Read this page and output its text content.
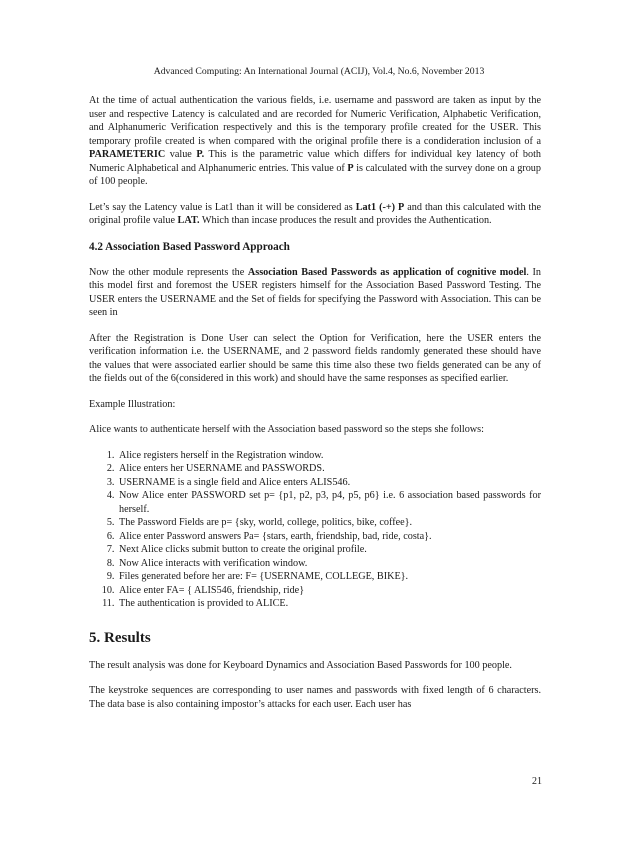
Advanced Computing: An International Journal (ACIJ), Vol.4, No.6, November 2013

At the time of actual authentication the various fields, i.e. username and password are taken as input by the user and respective Latency is calculated and are recorded for Numeric Verification, Alphabetic Verification, and Alphanumeric Verification respectively and this is the temporary profile created for the USER. This temporary profile created is when compared with the original profile there is a condideration inclusion of a PARAMETERIC value P. This is the parametric value which differs for individual key latency of both Numeric Alphabetical and Alphanumeric entries. This value of P is calculated with the survey done on a group of 100 people.

Let’s say the Latency value is Lat1 than it will be considered as Lat1 (-+) P and than this calculated with the original profile value LAT. Which than incase produces the result and provides the Authentication.

4.2 Association Based Password Approach

Now the other module represents the Association Based Passwords as application of cognitive model. In this model first and foremost the USER registers himself for the Association Based Password Testing. The USER enters the USERNAME and the Set of fields for specifying the Password with Association. This can be seen in

After the Registration is Done User can select the Option for Verification, here the USER enters the verification information i.e. the USERNAME, and 2 password fields randomly generated these should have the values that were associated earlier should be same this time also these two fields generated can be any of the fields out of the 6(considered in this work) and should have the same responses as specified earlier.

Example Illustration:

Alice wants to authenticate herself with the Association based password so the steps she follows:

1. Alice registers herself in the Registration window.
2. Alice enters her USERNAME and PASSWORDS.
3. USERNAME is a single field and Alice enters ALIS546.
4. Now Alice enter PASSWORD set p= {p1, p2, p3, p4, p5, p6} i.e. 6 association based passwords for herself.
5. The Password Fields are p= {sky, world, college, politics, bike, coffee}.
6. Alice enter Password answers Pa= {stars, earth, friendship, bad, ride, costa}.
7. Next Alice clicks submit button to create the original profile.
8. Now Alice interacts with verification window.
9. Files generated before her are: F= {USERNAME, COLLEGE, BIKE}.
10. Alice enter FA= { ALIS546, friendship, ride}
11. The authentication is provided to ALICE.
5. Results

The result analysis was done for Keyboard Dynamics and Association Based Passwords for 100 people.

The keystroke sequences are corresponding to user names and passwords with fixed length of 6 characters. The data base is also containing impostor’s attacks for each user. Each user has

21
